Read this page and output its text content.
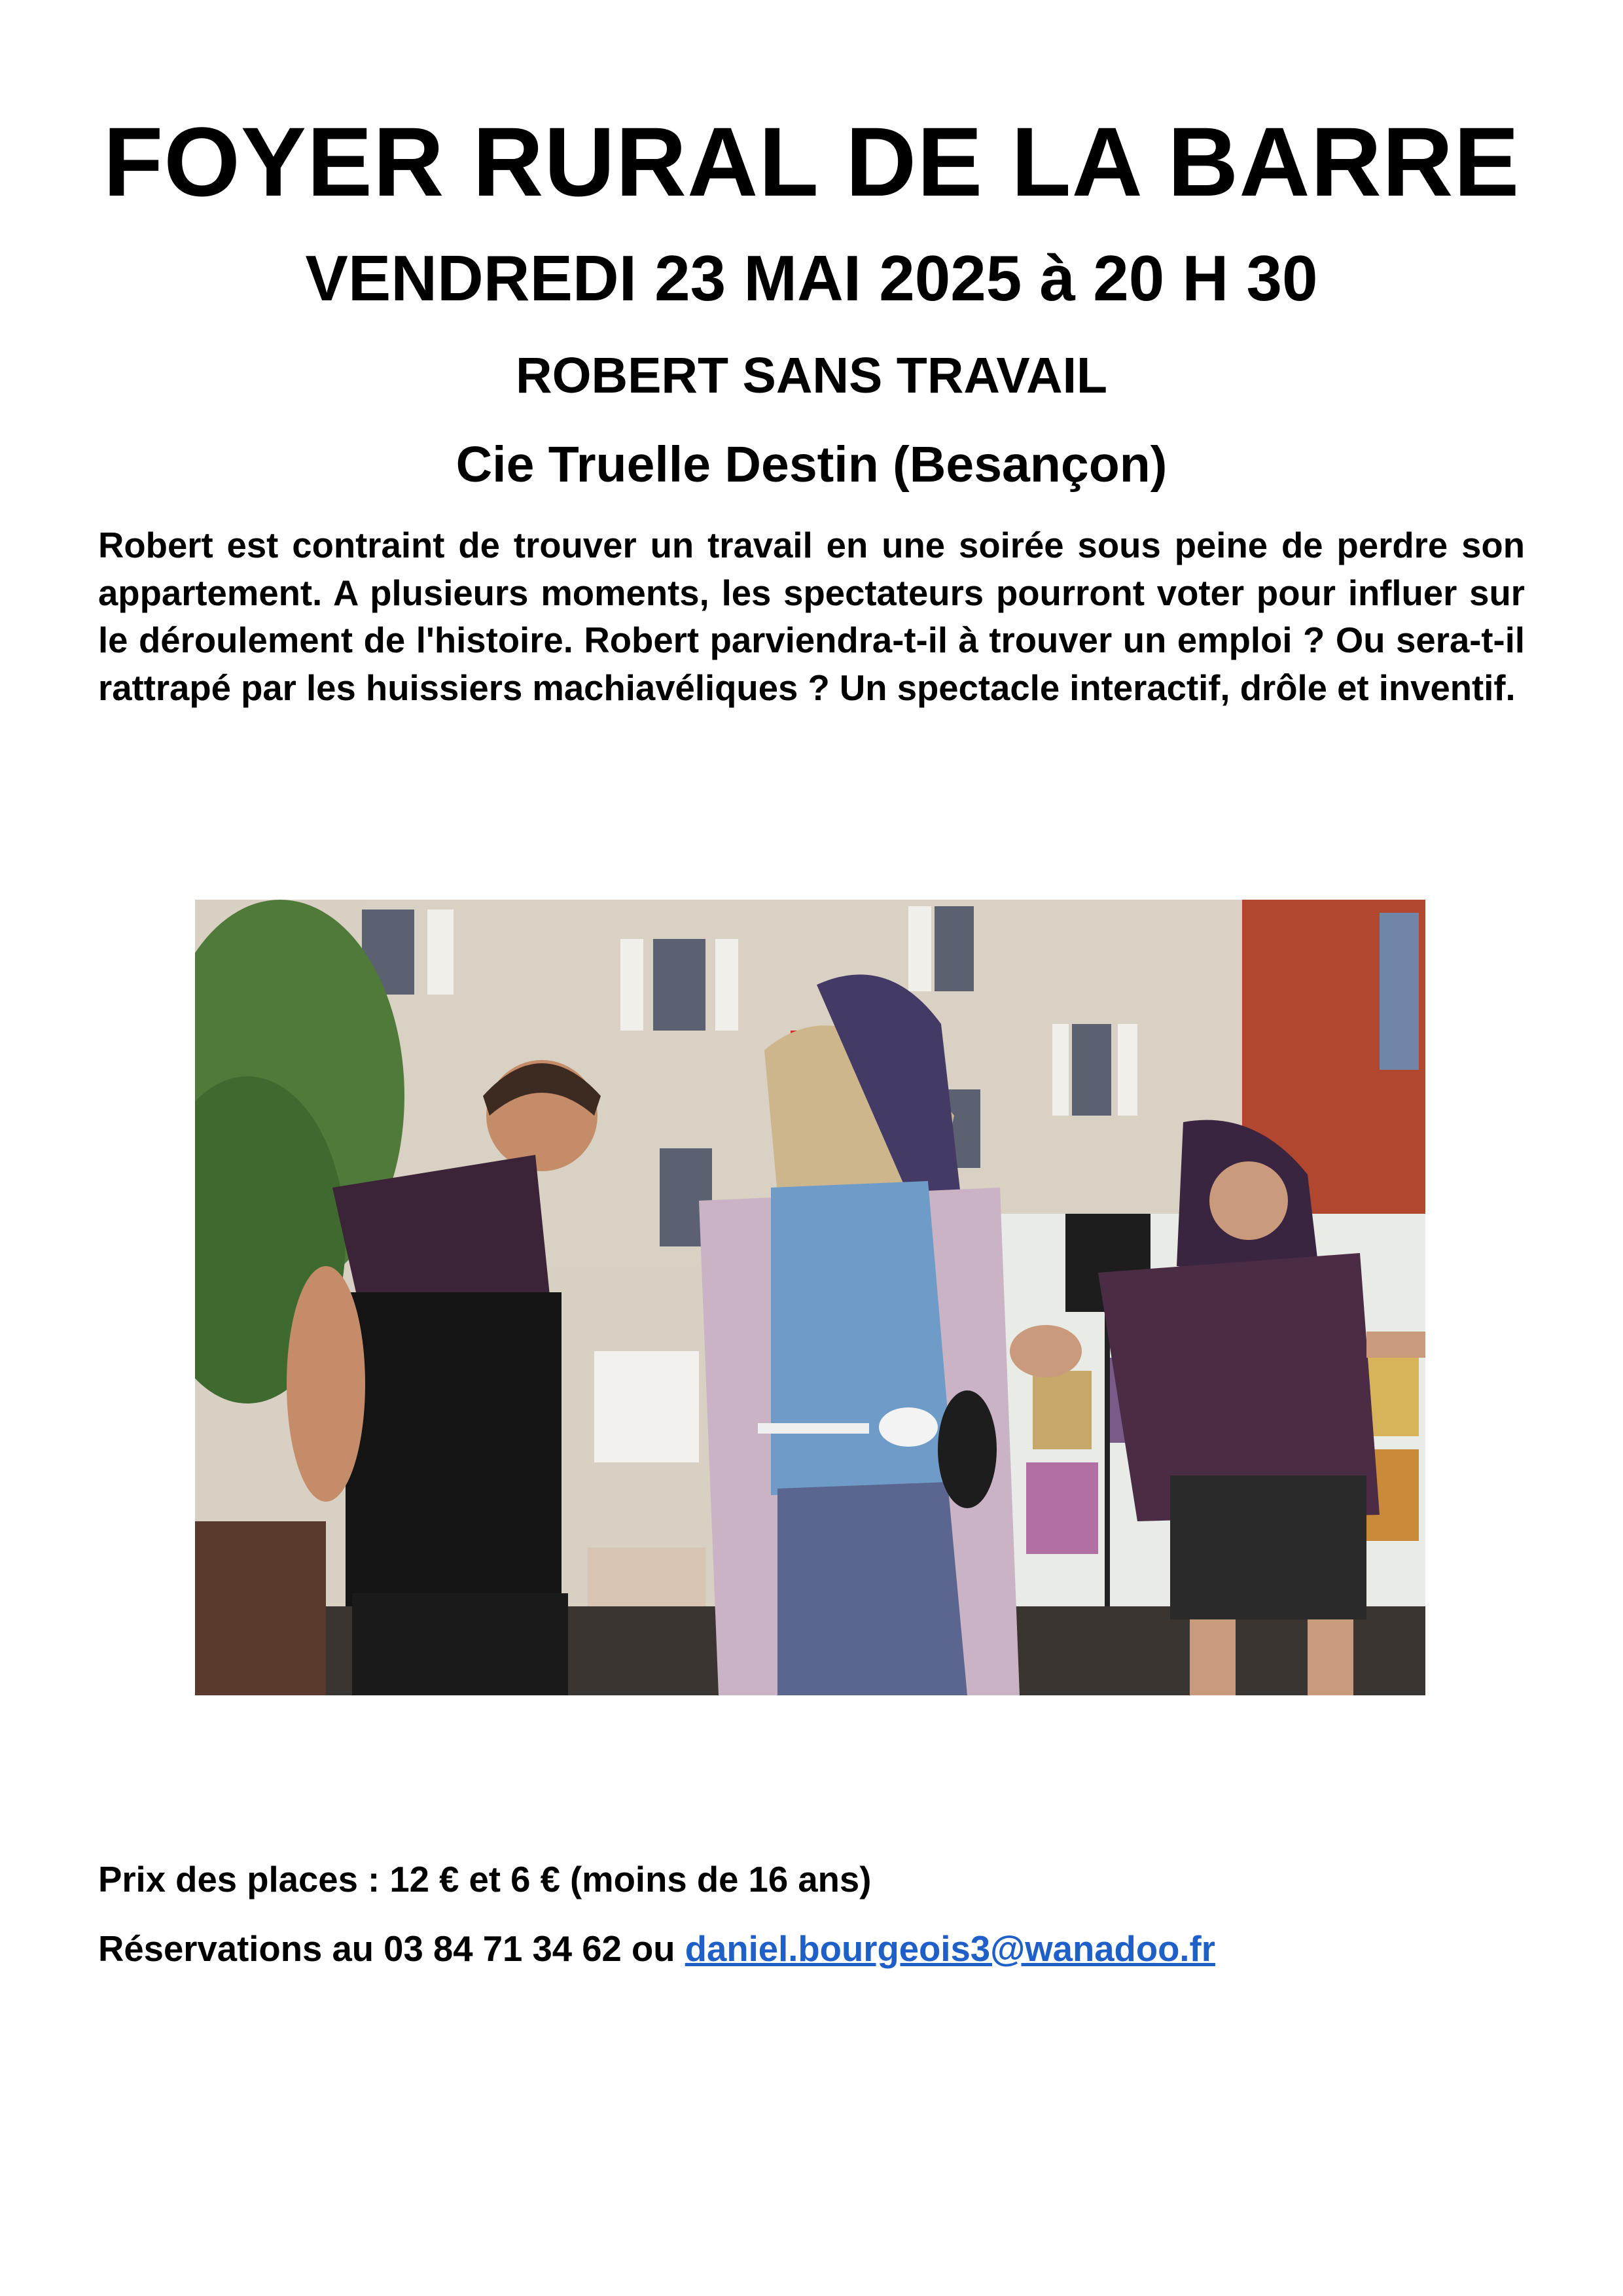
FOYER RURAL DE LA BARRE
VENDREDI 23 MAI 2025 à 20 H 30
ROBERT SANS TRAVAIL
Cie Truelle Destin (Besançon)

Robert est contraint de trouver un travail en une soirée sous peine de perdre son appartement. A plusieurs moments, les spectateurs pourront voter pour influer sur le déroulement de l'histoire. Robert parviendra-t-il à trouver un emploi ? Ou sera-t-il rattrapé par les huissiers machiavéliques ? Un spectacle interactif, drôle et inventif.

Prix des places : 12 € et 6 € (moins de 16 ans)

Réservations au 03 84 71 34 62 ou daniel.bourgeois3@wanadoo.fr
